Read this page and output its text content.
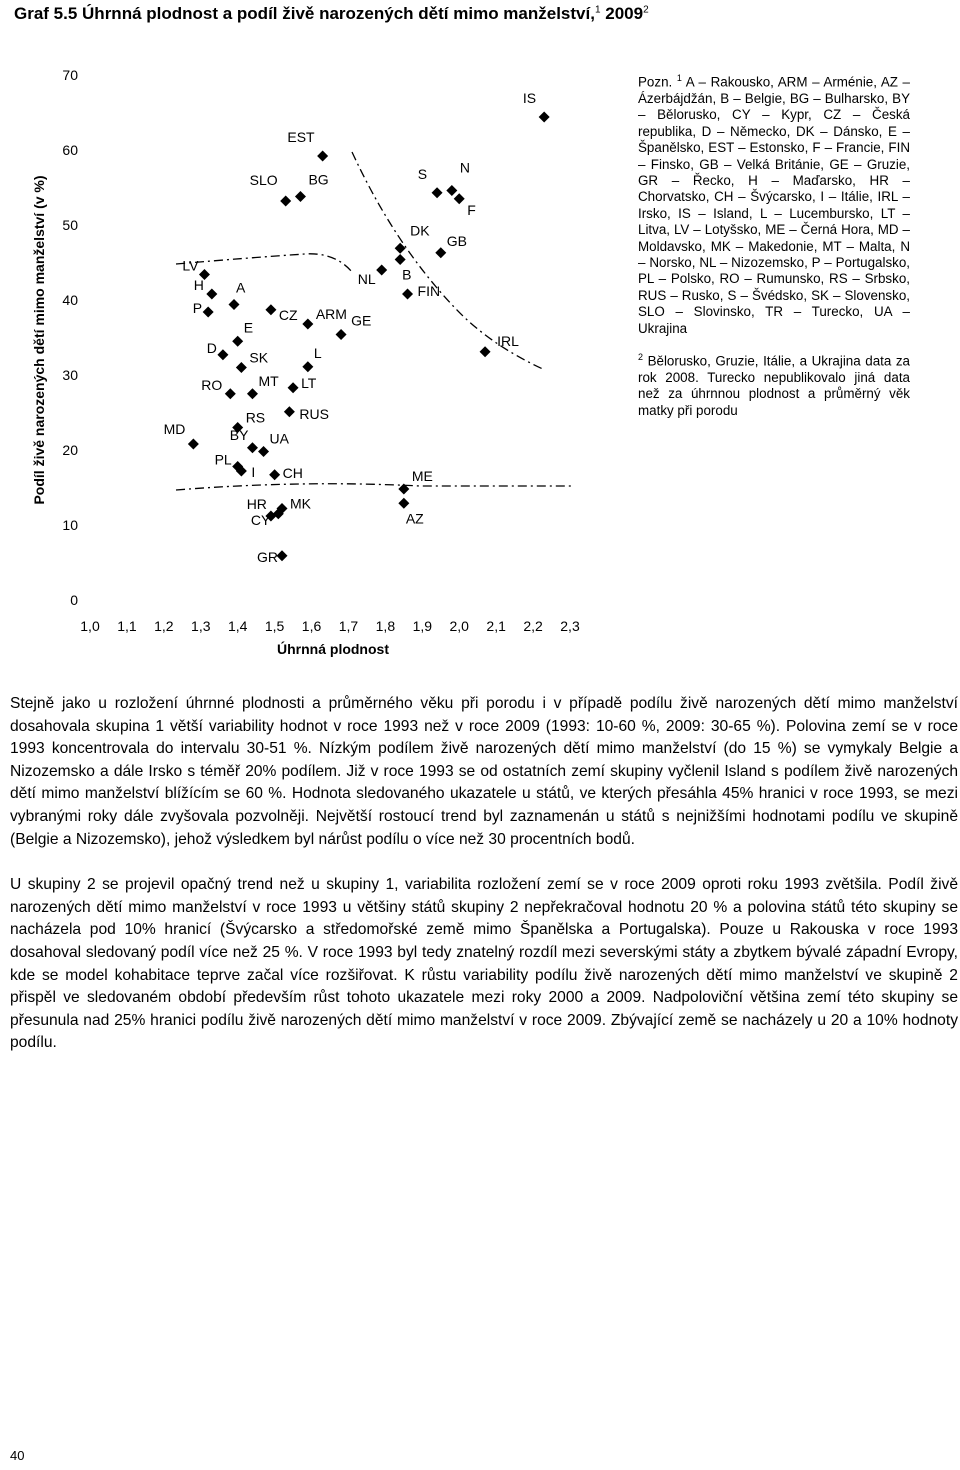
Graf 5.5 Úhrnná plodnost a podíl živě narozených dětí mimo manželství,$^1$ 2009$^2$
Podíl živě narozených dětí mimo manželství (v %)
0
10
20
30
40
50
60
70
1,0 1,1 1,2 1,3 1,4 1,5 1,6 1,7 1,8 1,9 2,0 2,1 2,2 2,3
IS
EST
BG
SLO	S N
F
DK
GB
B
NL
FIN
LV
H A
P	CZ ARM GE
IRL
E
D
SK	L
RO	MT LT
RUS
RS
MD	BY UA
PL
I CH	ME
MK
HR
CY	AZ
GR
Úhrnná plodnost

Pozn. $^1$ A – Rakousko, ARM – Arménie, AZ – Ázerbájdžán, B – Belgie, BG – Bulharsko, BY – Bělorusko, CY – Kypr, CZ – Česká republika, D – Německo, DK – Dánsko, E – Španělsko, EST – Estonsko, F – Francie, FIN – Finsko, GB – Velká Británie, GE – Gruzie, GR – Řecko, H – Maďarsko, HR – Chorvatsko, CH – Švýcarsko, I – Itálie, IRL – Irsko, IS – Island, L – Lucembursko, LT – Litva, LV – Lotyšsko, ME – Černá Hora, MD – Moldavsko, MK – Makedonie, MT – Malta, N – Norsko, NL – Nizozemsko, P – Portugalsko, PL – Polsko, RO – Rumunsko, RS – Srbsko, RUS – Rusko, S – Švédsko, SK – Slovensko, SLO – Slovinsko, TR – Turecko, UA – Ukrajina

$^2$ Bělorusko, Gruzie, Itálie, a Ukrajina data za rok 2008. Turecko nepublikovalo jiná data než za úhrnnou plodnost a průměrný věk matky při porodu

Stejně jako u rozložení úhrnné plodnosti a průměrného věku při porodu i v případě podílu živě narozených dětí mimo manželství dosahovala skupina 1 větší variability hodnot v roce 1993 než v roce 2009 (1993: 10-60 %, 2009: 30-65 %). Polovina zemí se v roce 1993 koncentrovala do intervalu 30-51 %. Nízkým podílem živě narozených dětí mimo manželství (do 15 %) se vymykaly Belgie a Nizozemsko a dále Irsko s téměř 20% podílem. Již v roce 1993 se od ostatních zemí skupiny vyčlenil Island s podílem živě narozených dětí mimo manželství blížícím se 60 %. Hodnota sledovaného ukazatele u států, ve kterých přesáhla 45% hranici v roce 1993, se mezi vybranými roky dále zvyšovala pozvolněji. Největší rostoucí trend byl zaznamenán u států s nejnižšími hodnotami podílu ve skupině (Belgie a Nizozemsko), jehož výsledkem byl nárůst podílu o více než 30 procentních bodů.

U skupiny 2 se projevil opačný trend než u skupiny 1, variabilita rozložení zemí se v roce 2009 oproti roku 1993 zvětšila. Podíl živě narozených dětí mimo manželství v roce 1993 u většiny států skupiny 2 nepřekračoval hodnotu 20 % a polovina států této skupiny se nacházela pod 10% hranicí (Švýcarsko a středomořské země mimo Španělska a Portugalska). Pouze u Rakouska v roce 1993 dosahoval sledovaný podíl více než 25 %. V roce 1993 byl tedy znatelný rozdíl mezi severskými státy a zbytkem bývalé západní Evropy, kde se model kohabitace teprve začal více rozšiřovat. K růstu variability podílu živě narozených dětí mimo manželství ve skupině 2 přispěl ve sledovaném období především růst tohoto ukazatele mezi roky 2000 a 2009. Nadpoloviční většina zemí této skupiny se přesunula nad 25% hranici podílu živě narozených dětí mimo manželství v roce 2009. Zbývající země se nacházely u 20 a 10% hodnoty podílu.

40
